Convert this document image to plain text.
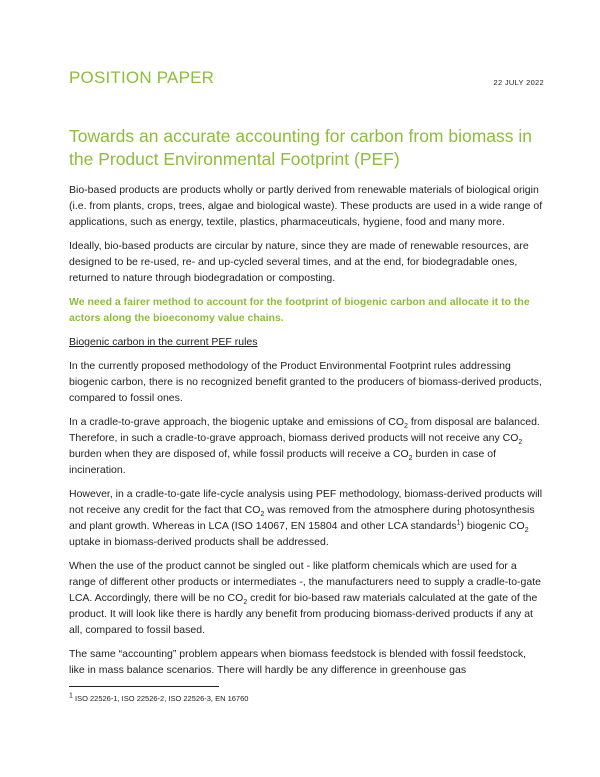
POSITION PAPER	22 JULY 2022
Towards an accurate accounting for carbon from biomass in the Product Environmental Footprint (PEF)

Bio-based products are products wholly or partly derived from renewable materials of biological origin (i.e. from plants, crops, trees, algae and biological waste). These products are used in a wide range of applications, such as energy, textile, plastics, pharmaceuticals, hygiene, food and many more.

Ideally, bio-based products are circular by nature, since they are made of renewable resources, are designed to be re-used, re- and up-cycled several times, and at the end, for biodegradable ones, returned to nature through biodegradation or composting.

We need a fairer method to account for the footprint of biogenic carbon and allocate it to the actors along the bioeconomy value chains.

Biogenic carbon in the current PEF rules

In the currently proposed methodology of the Product Environmental Footprint rules addressing biogenic carbon, there is no recognized benefit granted to the producers of biomass-derived products, compared to fossil ones.

In a cradle-to-grave approach, the biogenic uptake and emissions of $CO_2$ from disposal are balanced. Therefore, in such a cradle-to-grave approach, biomass derived products will not receive any $CO_2$ burden when they are disposed of, while fossil products will receive a $CO_2$ burden in case of incineration.

However, in a cradle-to-gate life-cycle analysis using PEF methodology, biomass-derived products will not receive any credit for the fact that $CO_2$ was removed from the atmosphere during photosynthesis and plant growth. Whereas in LCA (ISO 14067, EN 15804 and other LCA standards$^1$) biogenic $CO_2$ uptake in biomass-derived products shall be addressed.

When the use of the product cannot be singled out - like platform chemicals which are used for a range of different other products or intermediates -, the manufacturers need to supply a cradle-to-gate LCA. Accordingly, there will be no $CO_2$ credit for bio-based raw materials calculated at the gate of the product. It will look like there is hardly any benefit from producing biomass-derived products if any at all, compared to fossil based.

The same “accounting” problem appears when biomass feedstock is blended with fossil feedstock, like in mass balance scenarios. There will hardly be any difference in greenhouse gas

$^1$ ISO 22526-1, ISO 22526-2, ISO 22526-3, EN 16760
